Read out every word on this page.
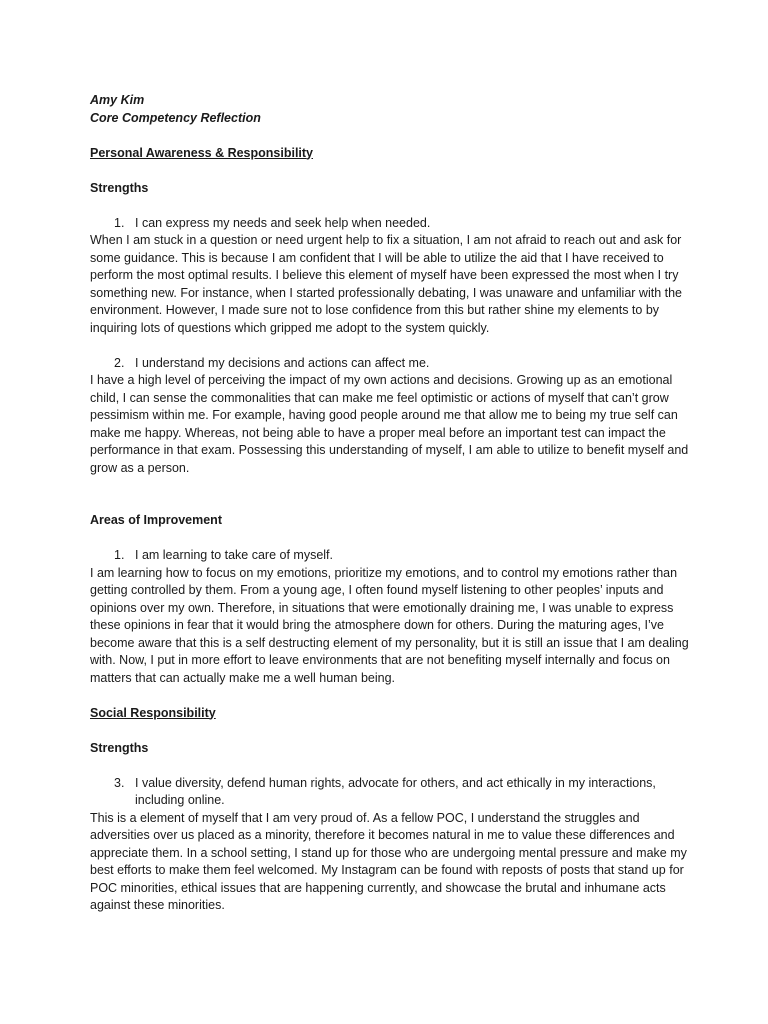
Amy Kim
Core Competency Reflection
Personal Awareness & Responsibility
Strengths
1. I can express my needs and seek help when needed.
When I am stuck in a question or need urgent help to fix a situation, I am not afraid to reach out and ask for some guidance. This is because I am confident that I will be able to utilize the aid that I have received to perform the most optimal results. I believe this element of myself have been expressed the most when I try something new. For instance, when I started professionally debating, I was unaware and unfamiliar with the environment. However, I made sure not to lose confidence from this but rather shine my elements to by inquiring lots of questions which gripped me adopt to the system quickly.
2. I understand my decisions and actions can affect me.
I have a high level of perceiving the impact of my own actions and decisions. Growing up as an emotional child, I can sense the commonalities that can make me feel optimistic or actions of myself that can’t grow pessimism within me. For example, having good people around me that allow me to being my true self can make me happy. Whereas, not being able to have a proper meal before an important test can impact the performance in that exam. Possessing this understanding of myself, I am able to utilize to benefit myself and grow as a person.
Areas of Improvement
1. I am learning to take care of myself.
I am learning how to focus on my emotions, prioritize my emotions, and to control my emotions rather than getting controlled by them. From a young age, I often found myself listening to other peoples’ inputs and opinions over my own. Therefore, in situations that were emotionally draining me, I was unable to express these opinions in fear that it would bring the atmosphere down for others. During the maturing ages, I’ve become aware that this is a self destructing element of my personality, but it is still an issue that I am dealing with. Now, I put in more effort to leave environments that are not benefiting myself internally and focus on matters that can actually make me a well human being.
Social Responsibility
Strengths
3. I value diversity, defend human rights, advocate for others, and act ethically in my interactions, including online.
This is a element of myself that I am very proud of. As a fellow POC, I understand the struggles and adversities over us placed as a minority, therefore it becomes natural in me to value these differences and appreciate them. In a school setting, I stand up for those who are undergoing mental pressure and make my best efforts to make them feel welcomed. My Instagram can be found with reposts of posts that stand up for POC minorities, ethical issues that are happening currently, and showcase the brutal and inhumane acts against these minorities.
